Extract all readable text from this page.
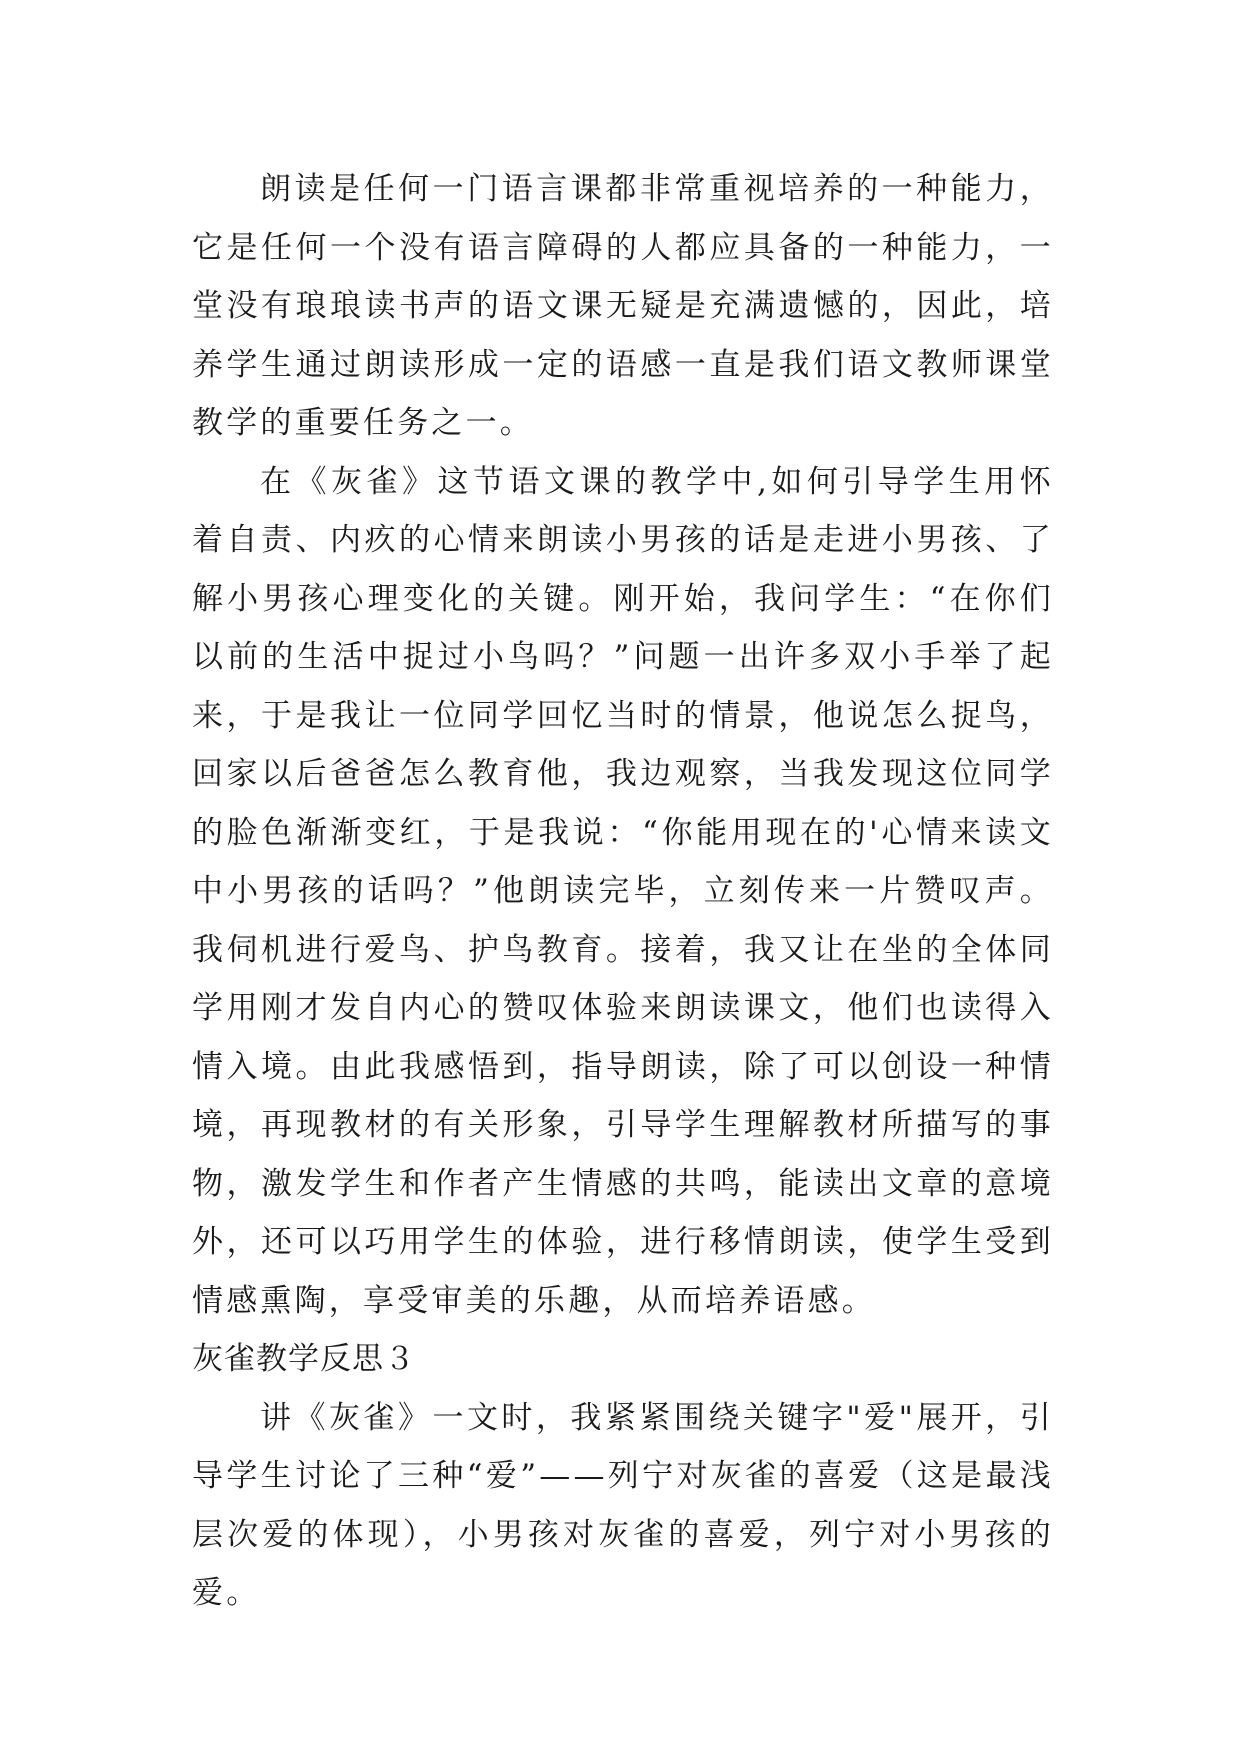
朗读是任何一门语言课都非常重视培养的一种能力，它是任何一个没有语言障碍的人都应具备的一种能力，一堂没有琅琅读书声的语文课无疑是充满遗憾的，因此，培养学生通过朗读形成一定的语感一直是我们语文教师课堂教学的重要任务之一。

在《灰雀》这节语文课的教学中,如何引导学生用怀着自责、内疚的心情来朗读小男孩的话是走进小男孩、了解小男孩心理变化的关键。刚开始，我问学生：“在你们以前的生活中捉过小鸟吗？”问题一出许多双小手举了起来，于是我让一位同学回忆当时的情景，他说怎么捉鸟，回家以后爸爸怎么教育他，我边观察，当我发现这位同学的脸色渐渐变红，于是我说：“你能用现在的'心情来读文中小男孩的话吗？”他朗读完毕，立刻传来一片赞叹声。我伺机进行爱鸟、护鸟教育。接着，我又让在坐的全体同学用刚才发自内心的赞叹体验来朗读课文，他们也读得入情入境。由此我感悟到，指导朗读，除了可以创设一种情境，再现教材的有关形象，引导学生理解教材所描写的事物，激发学生和作者产生情感的共鸣，能读出文章的意境外，还可以巧用学生的体验，进行移情朗读，使学生受到情感熏陶，享受审美的乐趣，从而培养语感。

灰雀教学反思３

讲《灰雀》一文时，我紧紧围绕关键字"爱"展开，引导学生讨论了三种“爱”——列宁对灰雀的喜爱（这是最浅层次爱的体现），小男孩对灰雀的喜爱，列宁对小男孩的爱。
